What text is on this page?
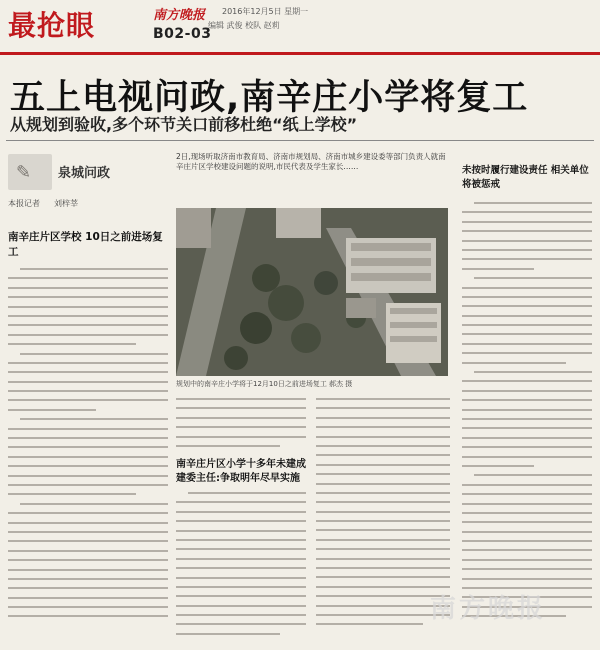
最抢眼	南方晚报 2016年12月5日 星期一
编辑 武俊 校队 赵莉
B02-03
五上电视问政,南辛庄小学将复工
从规划到验收,多个环节关口前移杜绝“纸上学校”
✎ 泉城问政
本报记者 刘梓莘
南辛庄片区学校 10日之前进场复工
2日,现场听取济南市教育局、济南市规划局、济南市城乡建设委等部门负责人就南辛庄片区学校建设问题的说明,市民代表及学生家长……
规划中的南辛庄小学将于12月10日之前进场复工 郝杰 摄
南辛庄片区小学十多年未建成 建委主任:争取明年尽早实施
未按时履行建设责任 相关单位将被惩戒
南方晚报
